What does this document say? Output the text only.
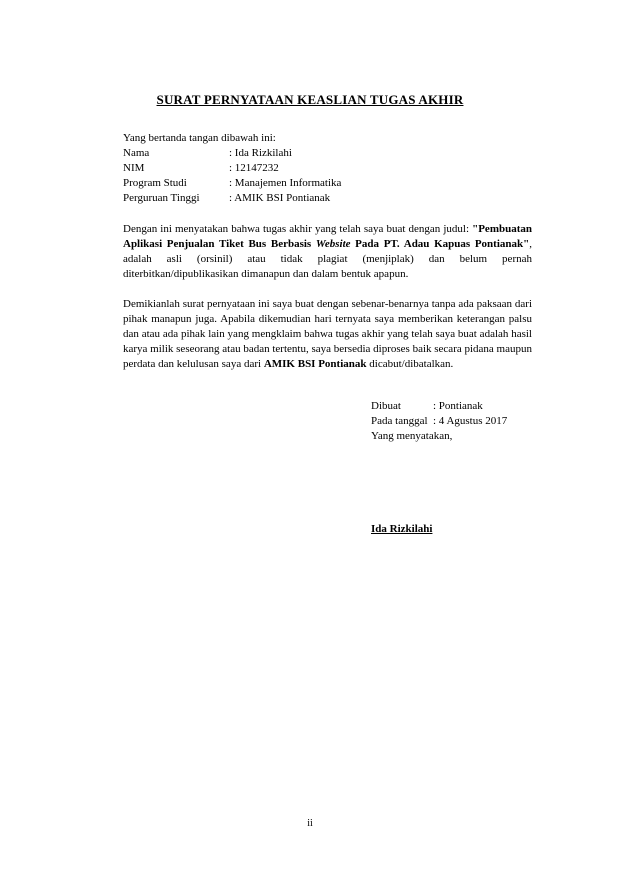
SURAT PERNYATAAN KEASLIAN TUGAS AKHIR
Yang bertanda tangan dibawah ini:
Nama	: Ida Rizkilahi
NIM	: 12147232
Program Studi	: Manajemen Informatika
Perguruan Tinggi	: AMIK BSI Pontianak
Dengan ini menyatakan bahwa tugas akhir yang telah saya buat dengan judul: "Pembuatan Aplikasi Penjualan Tiket Bus Berbasis Website Pada PT. Adau Kapuas Pontianak", adalah asli (orsinil) atau tidak plagiat (menjiplak) dan belum pernah diterbitkan/dipublikasikan dimanapun dan dalam bentuk apapun.
Demikianlah surat pernyataan ini saya buat dengan sebenar-benarnya tanpa ada paksaan dari pihak manapun juga. Apabila dikemudian hari ternyata saya memberikan keterangan palsu dan atau ada pihak lain yang mengklaim bahwa tugas akhir yang telah saya buat adalah hasil karya milik seseorang atau badan tertentu, saya bersedia diproses baik secara pidana maupun perdata dan kelulusan saya dari AMIK BSI Pontianak dicabut/dibatalkan.
Dibuat	: Pontianak
Pada tanggal : 4 Agustus 2017
Yang menyatakan,
Ida Rizkilahi
ii
